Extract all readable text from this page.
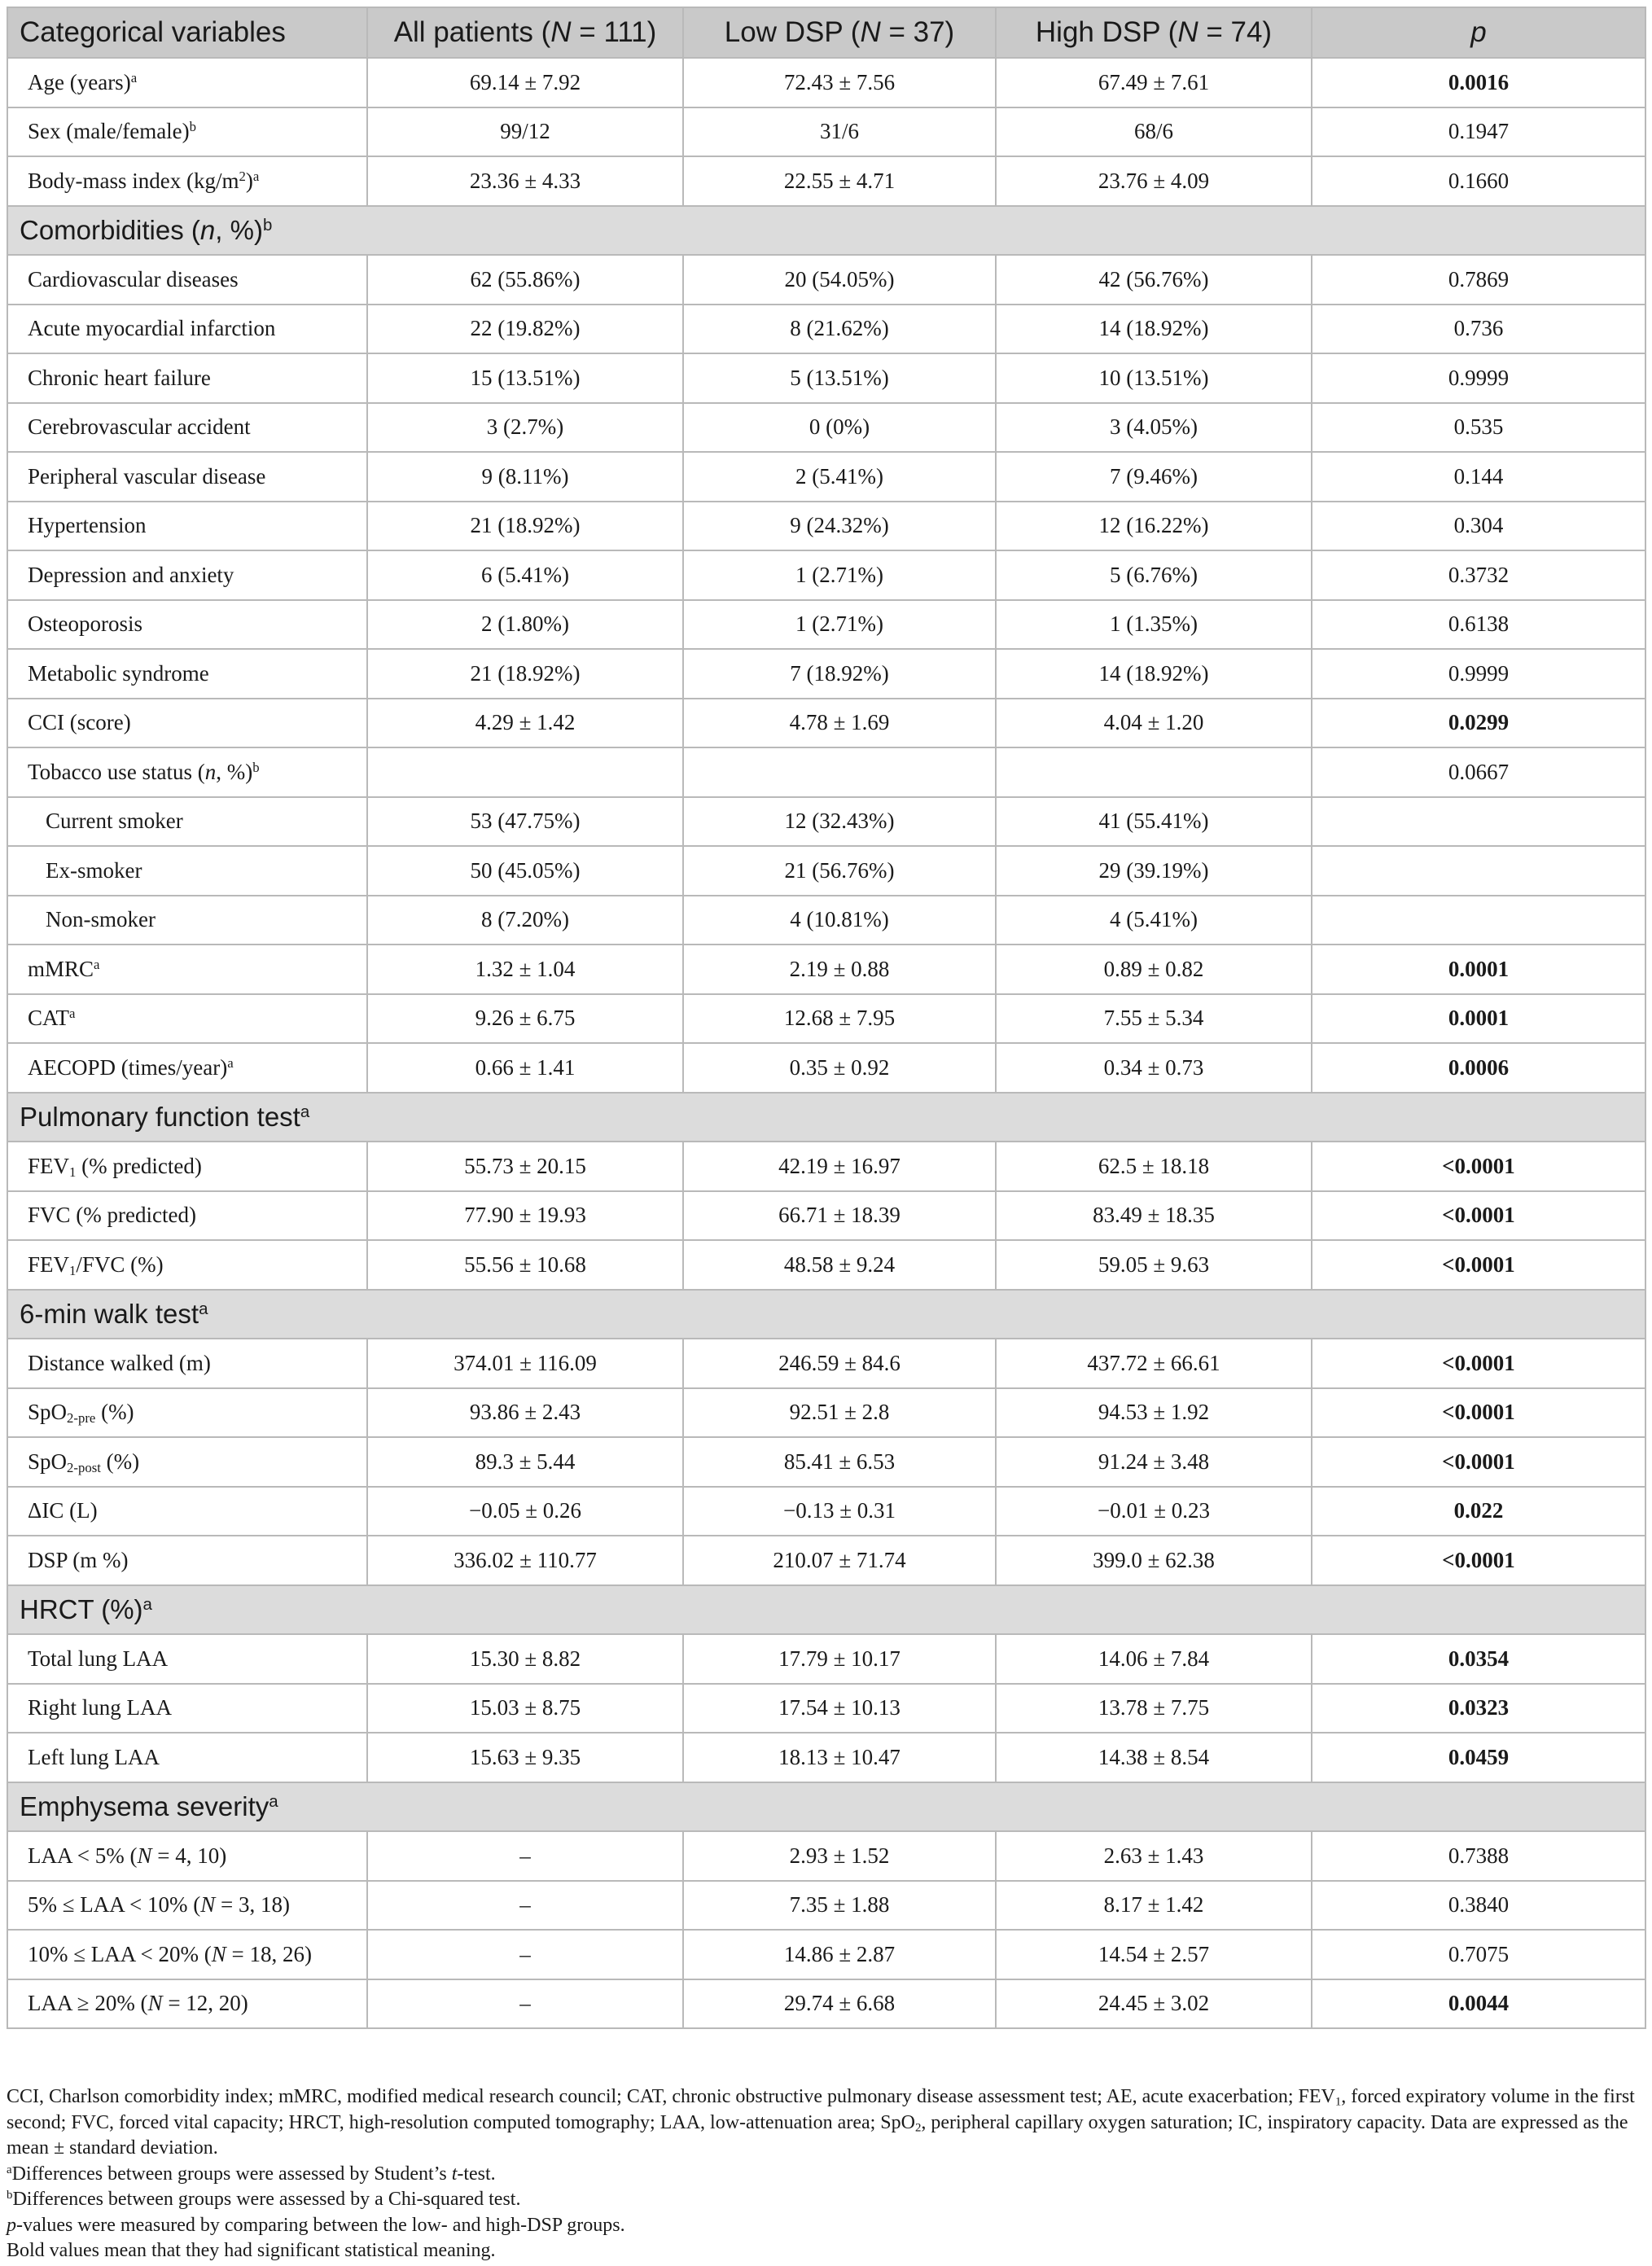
Categorical variables	All patients (N = 111)	Low DSP (N = 37)	High DSP (N = 74)	p
Age (years)$^a$	69.14 ± 7.92	72.43 ± 7.56	67.49 ± 7.61	0.0016
Sex (male/female)$^b$	99/12	31/6	68/6	0.1947
Body-mass index $(kg/m^2)^a$	23.36 ± 4.33	22.55 ± 4.71	23.76 ± 4.09	0.1660
Comorbidities (n, %)$^b$
Cardiovascular diseases	62 (55.86%)	20 (54.05%)	42 (56.76%)	0.7869
Acute myocardial infarction	22 (19.82%)	8 (21.62%)	14 (18.92%)	0.736
Chronic heart failure	15 (13.51%)	5 (13.51%)	10 (13.51%)	0.9999
Cerebrovascular accident	3 (2.7%)	0 (0%)	3 (4.05%)	0.535
Peripheral vascular disease	9 (8.11%)	2 (5.41%)	7 (9.46%)	0.144
Hypertension	21 (18.92%)	9 (24.32%)	12 (16.22%)	0.304
Depression and anxiety	6 (5.41%)	1 (2.71%)	5 (6.76%)	0.3732
Osteoporosis	2 (1.80%)	1 (2.71%)	1 (1.35%)	0.6138
Metabolic syndrome	21 (18.92%)	7 (18.92%)	14 (18.92%)	0.9999
CCI (score)	4.29 ± 1.42	4.78 ± 1.69	4.04 ± 1.20	0.0299
Tobacco use status (n, %)$^b$				0.0667
Current smoker	53 (47.75%)	12 (32.43%)	41 (55.41%)	
Ex-smoker	50 (45.05%)	21 (56.76%)	29 (39.19%)	
Non-smoker	8 (7.20%)	4 (10.81%)	4 (5.41%)	
mMRC$^a$	1.32 ± 1.04	2.19 ± 0.88	0.89 ± 0.82	0.0001
CAT$^a$	9.26 ± 6.75	12.68 ± 7.95	7.55 ± 5.34	0.0001
AECOPD (times/year)$^a$	0.66 ± 1.41	0.35 ± 0.92	0.34 ± 0.73	0.0006
Pulmonary function test$^a$
$FEV_1$ (% predicted)	55.73 ± 20.15	42.19 ± 16.97	62.5 ± 18.18	<0.0001
FVC (% predicted)	77.90 ± 19.93	66.71 ± 18.39	83.49 ± 18.35	<0.0001
$FEV_1$/FVC (%)	55.56 ± 10.68	48.58 ± 9.24	59.05 ± 9.63	<0.0001
6-min walk test$^a$
Distance walked (m)	374.01 ± 116.09	246.59 ± 84.6	437.72 ± 66.61	<0.0001
SpO$_{2-pre}$ (%)	93.86 ± 2.43	92.51 ± 2.8	94.53 ± 1.92	<0.0001
SpO$_{2-post}$ (%)	89.3 ± 5.44	85.41 ± 6.53	91.24 ± 3.48	<0.0001
ΔIC (L)	−0.05 ± 0.26	−0.13 ± 0.31	−0.01 ± 0.23	0.022
DSP (m %)	336.02 ± 110.77	210.07 ± 71.74	399.0 ± 62.38	<0.0001
HRCT (%)$^a$
Total lung LAA	15.30 ± 8.82	17.79 ± 10.17	14.06 ± 7.84	0.0354
Right lung LAA	15.03 ± 8.75	17.54 ± 10.13	13.78 ± 7.75	0.0323
Left lung LAA	15.63 ± 9.35	18.13 ± 10.47	14.38 ± 8.54	0.0459
Emphysema severity$^a$
LAA < 5% (N = 4, 10)	–	2.93 ± 1.52	2.63 ± 1.43	0.7388
5% ≤ LAA < 10% (N = 3, 18)	–	7.35 ± 1.88	8.17 ± 1.42	0.3840
10% ≤ LAA < 20% (N = 18, 26)	–	14.86 ± 2.87	14.54 ± 2.57	0.7075
LAA ≥ 20% (N = 12, 20)	–	29.74 ± 6.68	24.45 ± 3.02	0.0044

CCI, Charlson comorbidity index; mMRC, modified medical research council; CAT, chronic obstructive pulmonary disease assessment test; AE, acute exacerbation; $FEV_1$, forced expiratory volume in the first second; FVC, forced vital capacity; HRCT, high-resolution computed tomography; LAA, low-attenuation area; SpO$_2$, peripheral capillary oxygen saturation; IC, inspiratory capacity. Data are expressed as the mean ± standard deviation.

$^a$Differences between groups were assessed by Student’s t-test.

$^b$Differences between groups were assessed by a Chi-squared test.

p-values were measured by comparing between the low- and high-DSP groups.

Bold values mean that they had significant statistical meaning.
